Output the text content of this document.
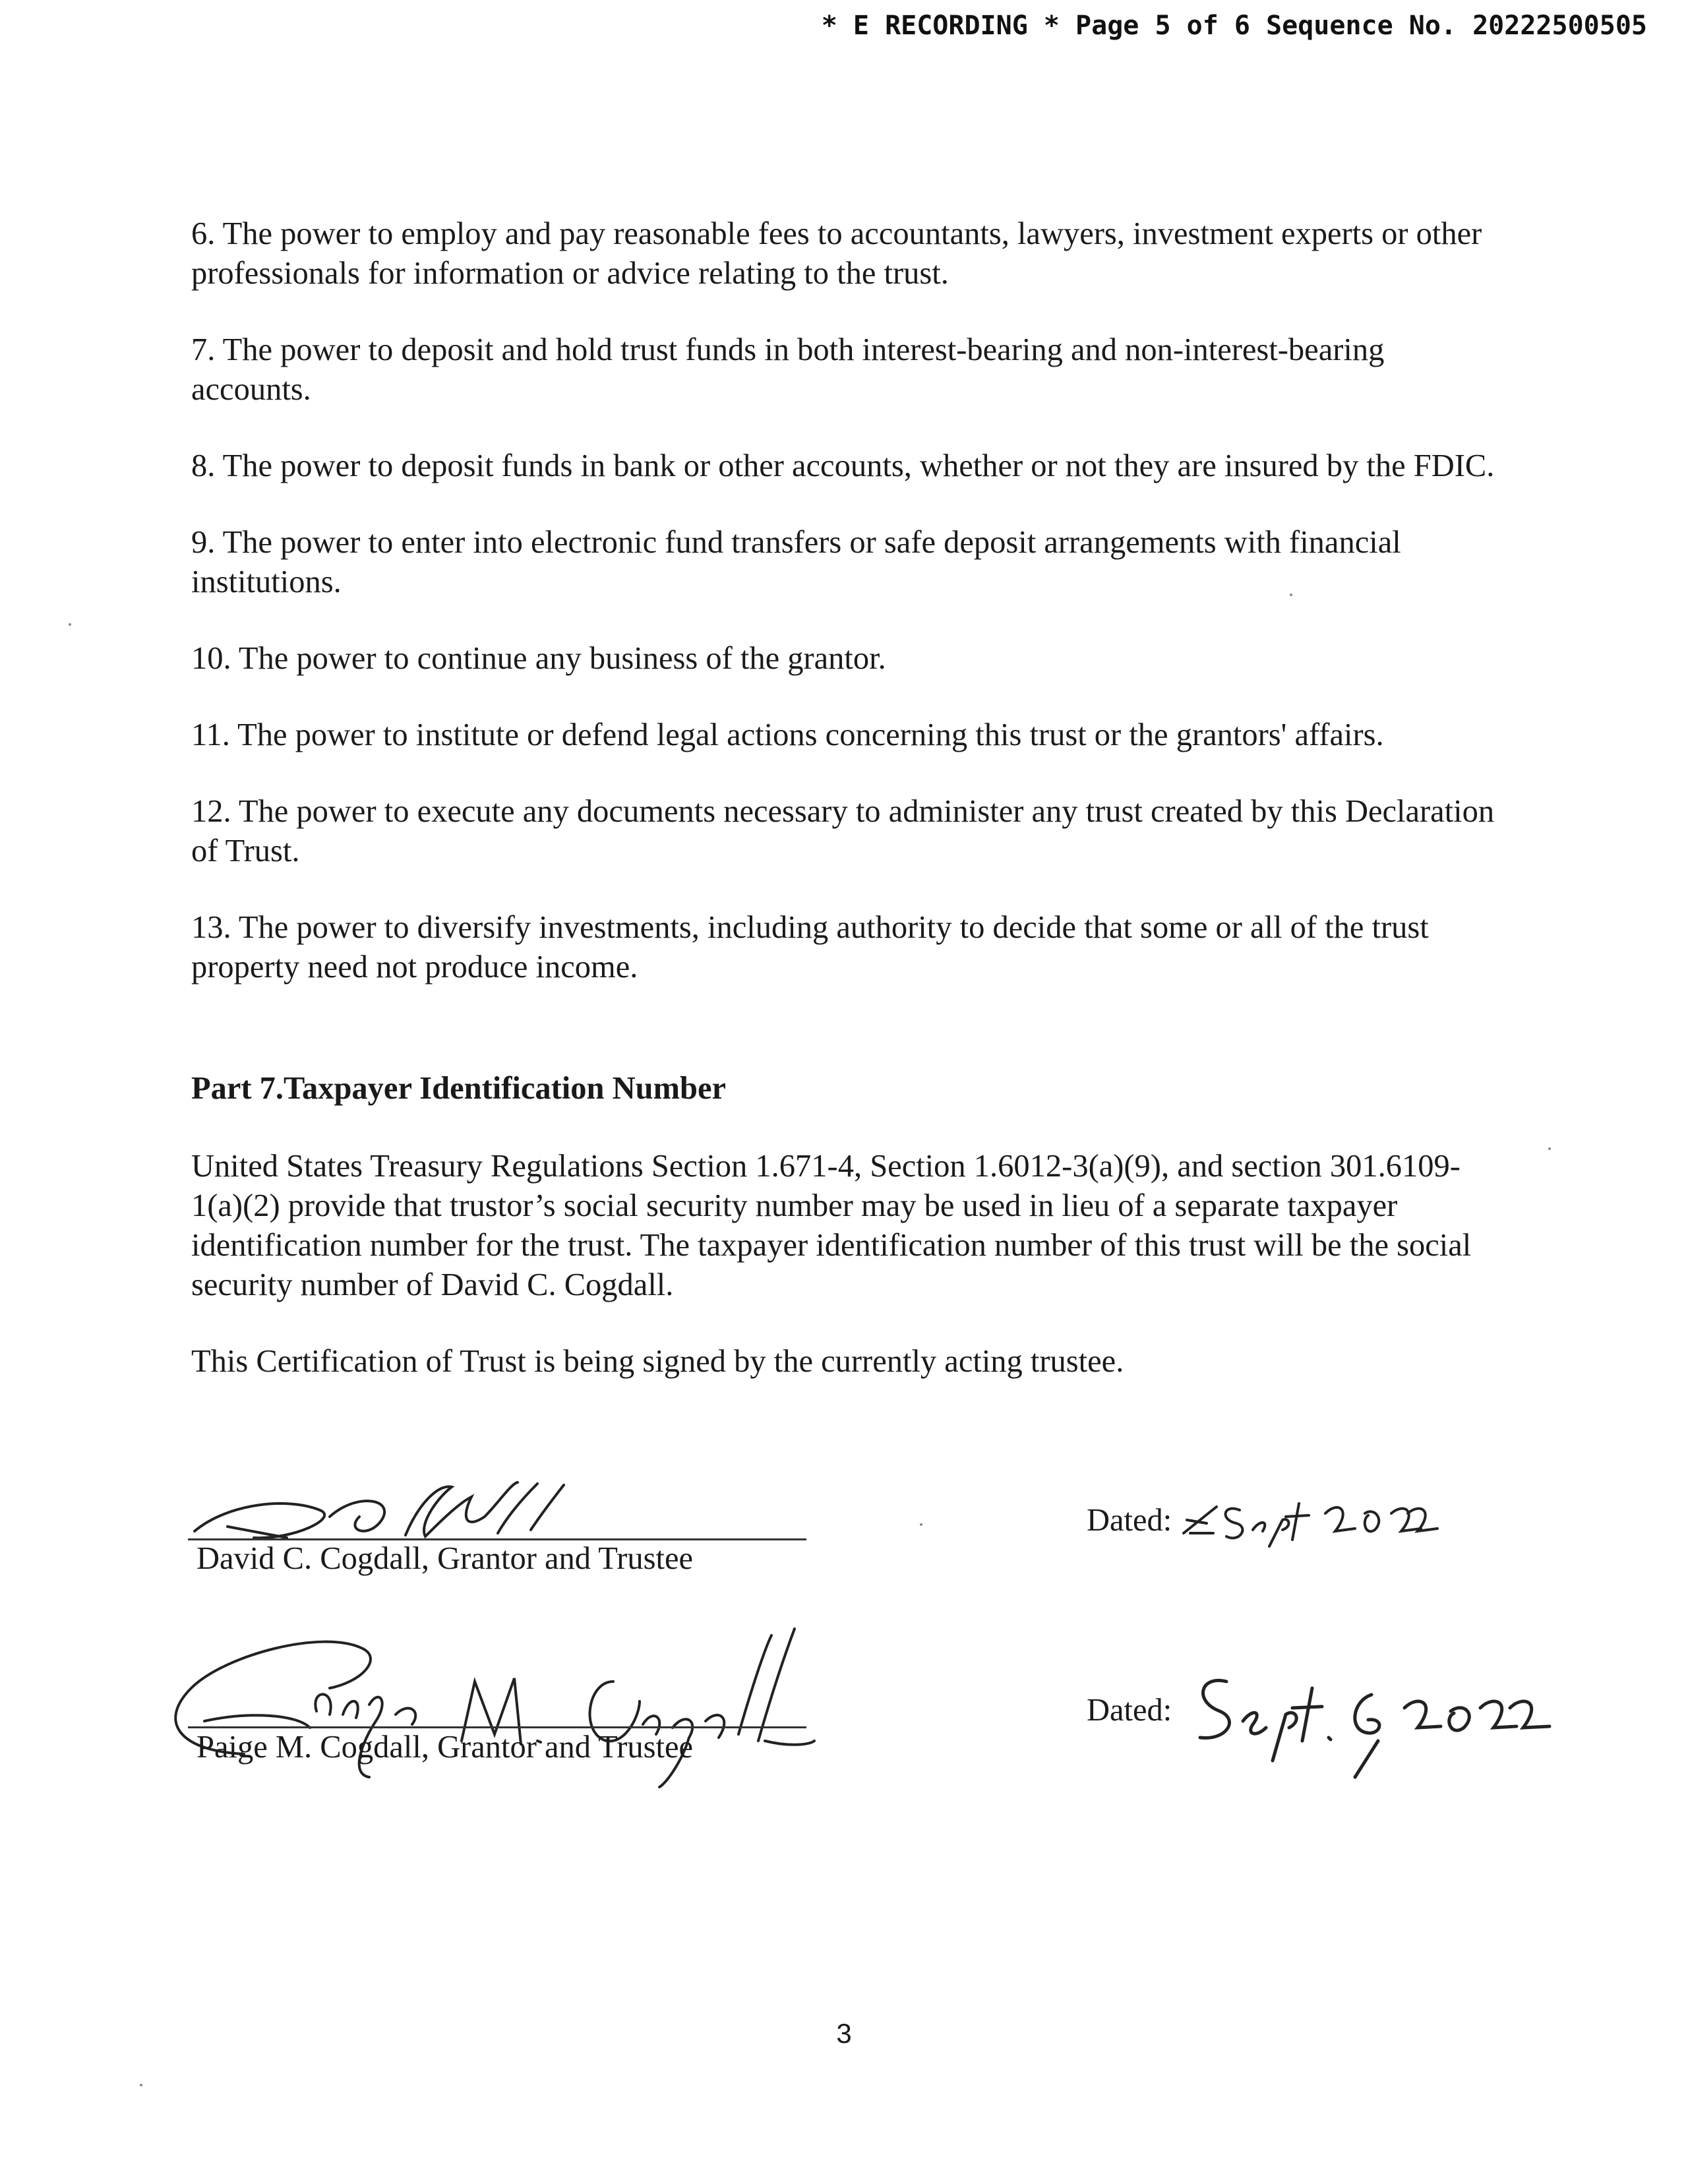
* E RECORDING * Page 5 of 6 Sequence No. 20222500505

6. The power to employ and pay reasonable fees to accountants, lawyers, investment experts or other professionals for information or advice relating to the trust.

7. The power to deposit and hold trust funds in both interest-bearing and non-interest-bearing accounts.

8. The power to deposit funds in bank or other accounts, whether or not they are insured by the FDIC.

9. The power to enter into electronic fund transfers or safe deposit arrangements with financial institutions.

10. The power to continue any business of the grantor.

11. The power to institute or defend legal actions concerning this trust or the grantors' affairs.

12. The power to execute any documents necessary to administer any trust created by this Declaration of Trust.

13. The power to diversify investments, including authority to decide that some or all of the trust property need not produce income.

Part 7.Taxpayer Identification Number

United States Treasury Regulations Section 1.671-4, Section 1.6012-3(a)(9), and section 301.6109-1(a)(2) provide that trustor’s social security number may be used in lieu of a separate taxpayer identification number for the trust. The taxpayer identification number of this trust will be the social security number of David C. Cogdall.

This Certification of Trust is being signed by the currently acting trustee.

David C. Cogdall, Grantor and Trustee
Dated:
Paige M. Cogdall, Grantor and Trustee
Dated:
3
